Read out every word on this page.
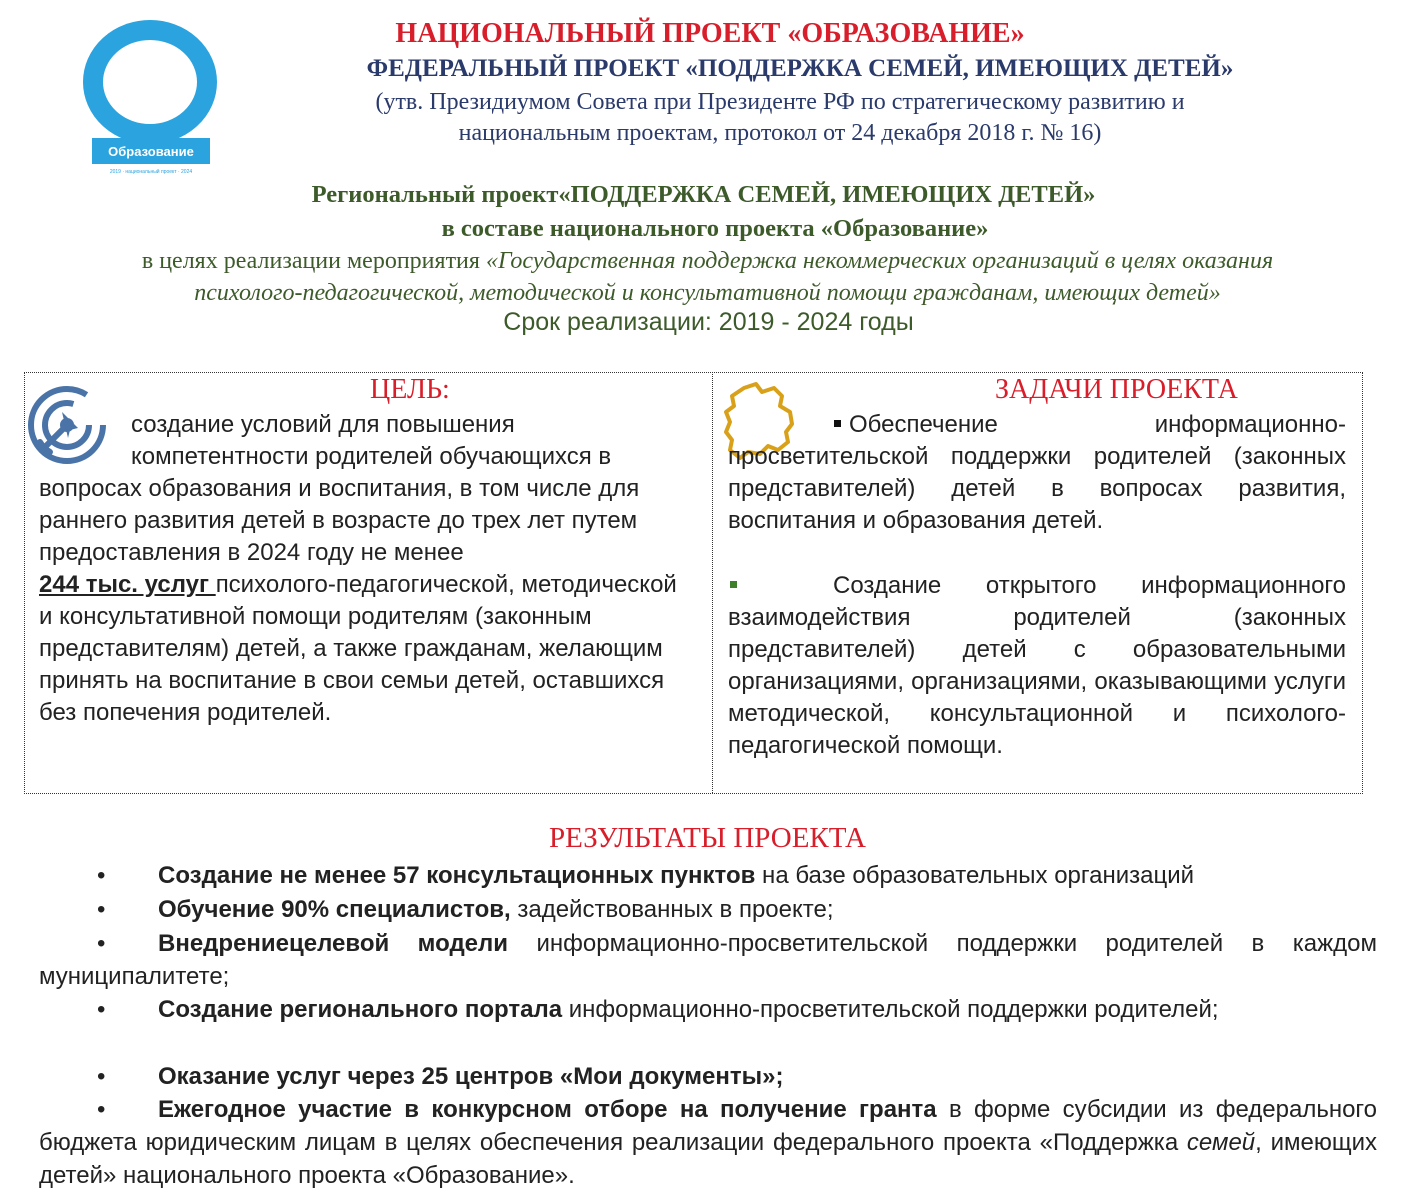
Образование
2019 · национальный проект · 2024
НАЦИОНАЛЬНЫЙ ПРОЕКТ «ОБРАЗОВАНИЕ»
ФЕДЕРАЛЬНЫЙ ПРОЕКТ «ПОДДЕРЖКА СЕМЕЙ, ИМЕЮЩИХ ДЕТЕЙ»
(утв. Президиумом Совета при Президенте РФ по стратегическому развитию и
национальным проектам, протокол от 24 декабря 2018 г. № 16)
Региональный проект«ПОДДЕРЖКА СЕМЕЙ, ИМЕЮЩИХ ДЕТЕЙ»
в составе национального проекта «Образование»
в целях реализации мероприятия «Государственная поддержка некоммерческих организаций в целях оказания
психолого-педагогической, методической и консультативной помощи гражданам, имеющих детей»
Срок реализации: 2019 - 2024 годы
ЦЕЛЬ:	ЗАДАЧИ ПРОЕКТА
создание условий для повышения
компетентности родителей обучающихся в
вопросах образования и воспитания, в том числе для раннего развития детей в возрасте до трех лет путем предоставления в 2024 году не менее
244 тыс. услуг психолого-педагогической, методической и консультативной помощи родителям (законным представителям) детей, а также гражданам, желающим принять на воспитание в свои семьи детей, оставшихся без попечения родителей.
Обеспечение информационно-просветительской поддержки родителей (законных представителей) детей в вопросах развития, воспитания и образования детей.
Создание открытого информационного взаимодействия родителей (законных представителей) детей с образовательными организациями, организациями, оказывающими услуги методической, консультационной и психолого-педагогической помощи.
РЕЗУЛЬТАТЫ ПРОЕКТА
• Создание не менее 57 консультационных пунктов на базе образовательных организаций
• Обучение 90% специалистов, задействованных в проекте;
• Внедрениецелевой модели информационно-просветительской поддержки родителей в каждом муниципалитете;
• Создание регионального портала информационно-просветительской поддержки родителей;
• Оказание услуг через 25 центров «Мои документы»;
• Ежегодное участие в конкурсном отборе на получение гранта в форме субсидии из федерального бюджета юридическим лицам в целях обеспечения реализации федерального проекта «Поддержка семей, имеющих детей» национального проекта «Образование».
